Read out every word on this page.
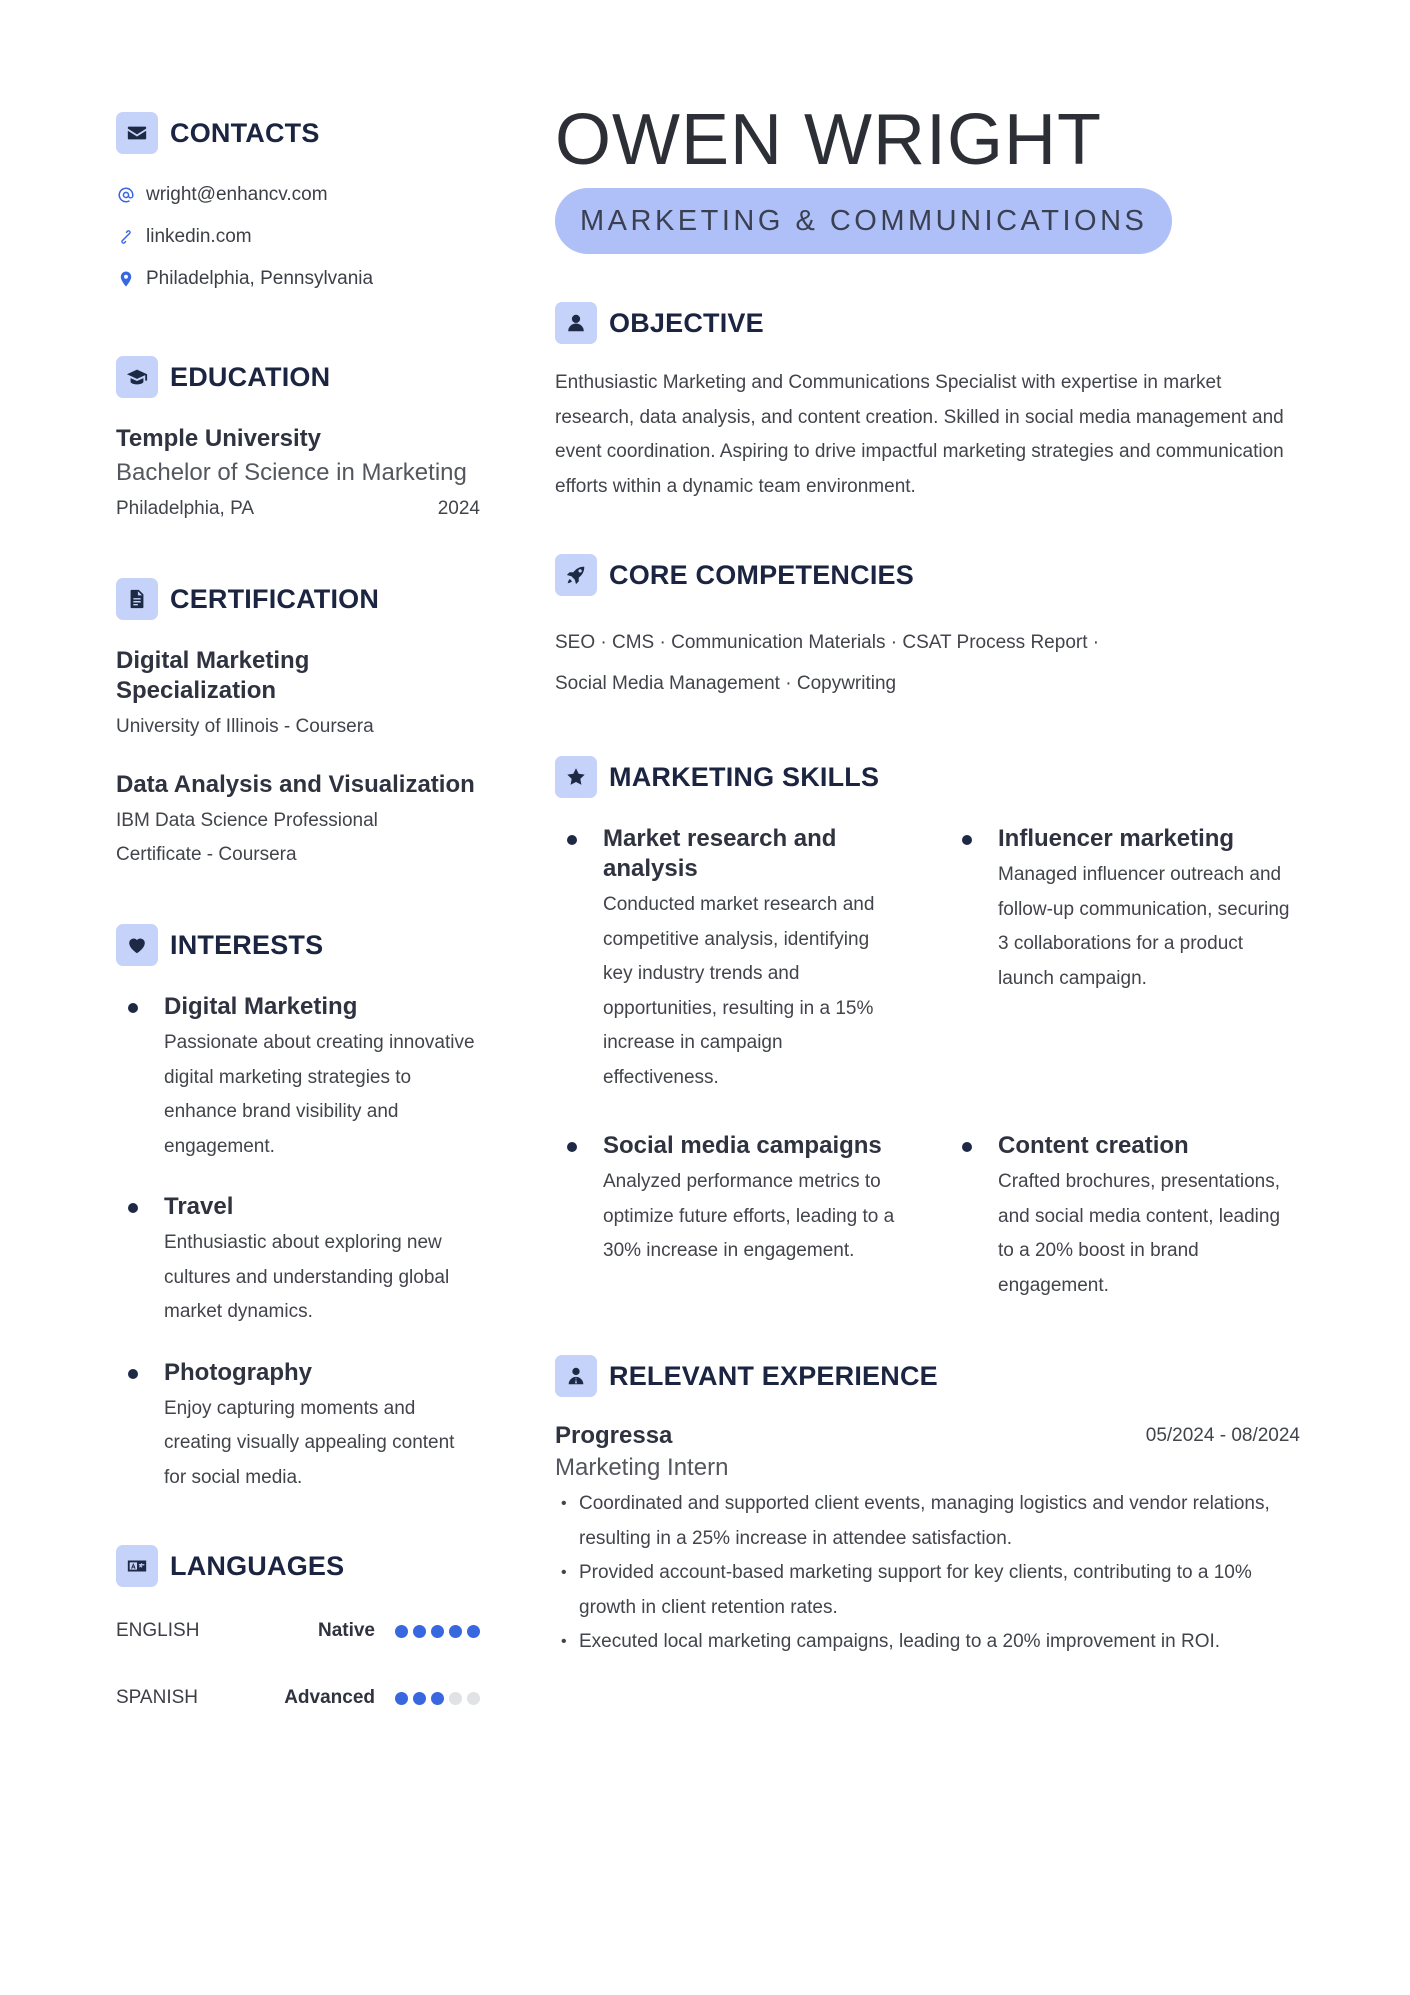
CONTACTS
wright@enhancv.com
linkedin.com
Philadelphia, Pennsylvania
EDUCATION
Temple University
Bachelor of Science in Marketing
Philadelphia, PA	2024
CERTIFICATION
Digital Marketing Specialization
University of Illinois - Coursera
Data Analysis and Visualization
IBM Data Science Professional Certificate - Coursera
INTERESTS
Digital Marketing
Passionate about creating innovative digital marketing strategies to enhance brand visibility and engagement.
Travel
Enthusiastic about exploring new cultures and understanding global market dynamics.
Photography
Enjoy capturing moments and creating visually appealing content for social media.
LANGUAGES
ENGLISH	Native
SPANISH	Advanced
OWEN WRIGHT
MARKETING & COMMUNICATIONS
OBJECTIVE
Enthusiastic Marketing and Communications Specialist with expertise in market research, data analysis, and content creation. Skilled in social media management and event coordination. Aspiring to drive impactful marketing strategies and communication efforts within a dynamic team environment.
CORE COMPETENCIES
SEO · CMS · Communication Materials · CSAT Process Report ·
Social Media Management · Copywriting
MARKETING SKILLS
Market research and analysis
Conducted market research and competitive analysis, identifying key industry trends and opportunities, resulting in a 15% increase in campaign effectiveness.
Influencer marketing
Managed influencer outreach and follow-up communication, securing 3 collaborations for a product launch campaign.
Social media campaigns
Analyzed performance metrics to optimize future efforts, leading to a 30% increase in engagement.
Content creation
Crafted brochures, presentations, and social media content, leading to a 20% boost in brand engagement.
RELEVANT EXPERIENCE
Progressa	05/2024 - 08/2024
Marketing Intern
• Coordinated and supported client events, managing logistics and vendor relations, resulting in a 25% increase in attendee satisfaction.
• Provided account-based marketing support for key clients, contributing to a 10% growth in client retention rates.
• Executed local marketing campaigns, leading to a 20% improvement in ROI.
